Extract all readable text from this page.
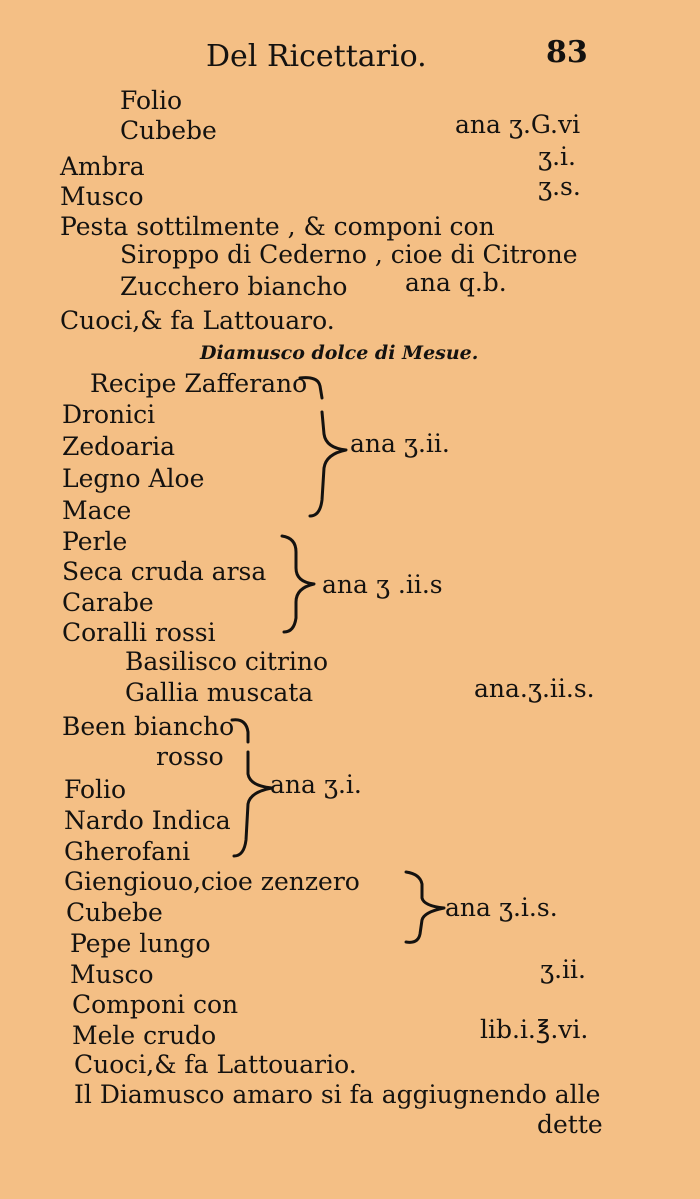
Del Ricettario.	83
Folio
Cubebe	ana ʒ.G.vi
Ambra	ʒ.i.
Musco	ʒ.s.
Pesta sottilmente , & componi con
Siroppo di Cederno , cioe di Citrone
Zucchero biancho ana q.b.
Cuoci,& fa Lattouaro.
Diamusco dolce di Mesue.
Recipe Zafferano
Dronici
Zedoaria	ana ʒ.ii.
Legno Aloe
Mace
Perle
Seca cruda arsa ana ʒ .ii.s
Carabe
Coralli rossi
Basilisco citrino
Gallia muscata	ana.ʒ.ii.s.
Been biancho
rosso
Folio	ana ʒ.i.
Nardo Indica
Gherofani
Giengiouo,cioe zenzero
Cubebe	ana ʒ.i.s.
Pepe lungo
Musco	ʒ.ii.
Componi con
Mele crudo	lib.i.℥.vi.
Cuoci,& fa Lattouario.
Il Diamusco amaro si fa aggiugnendo alle
dette
